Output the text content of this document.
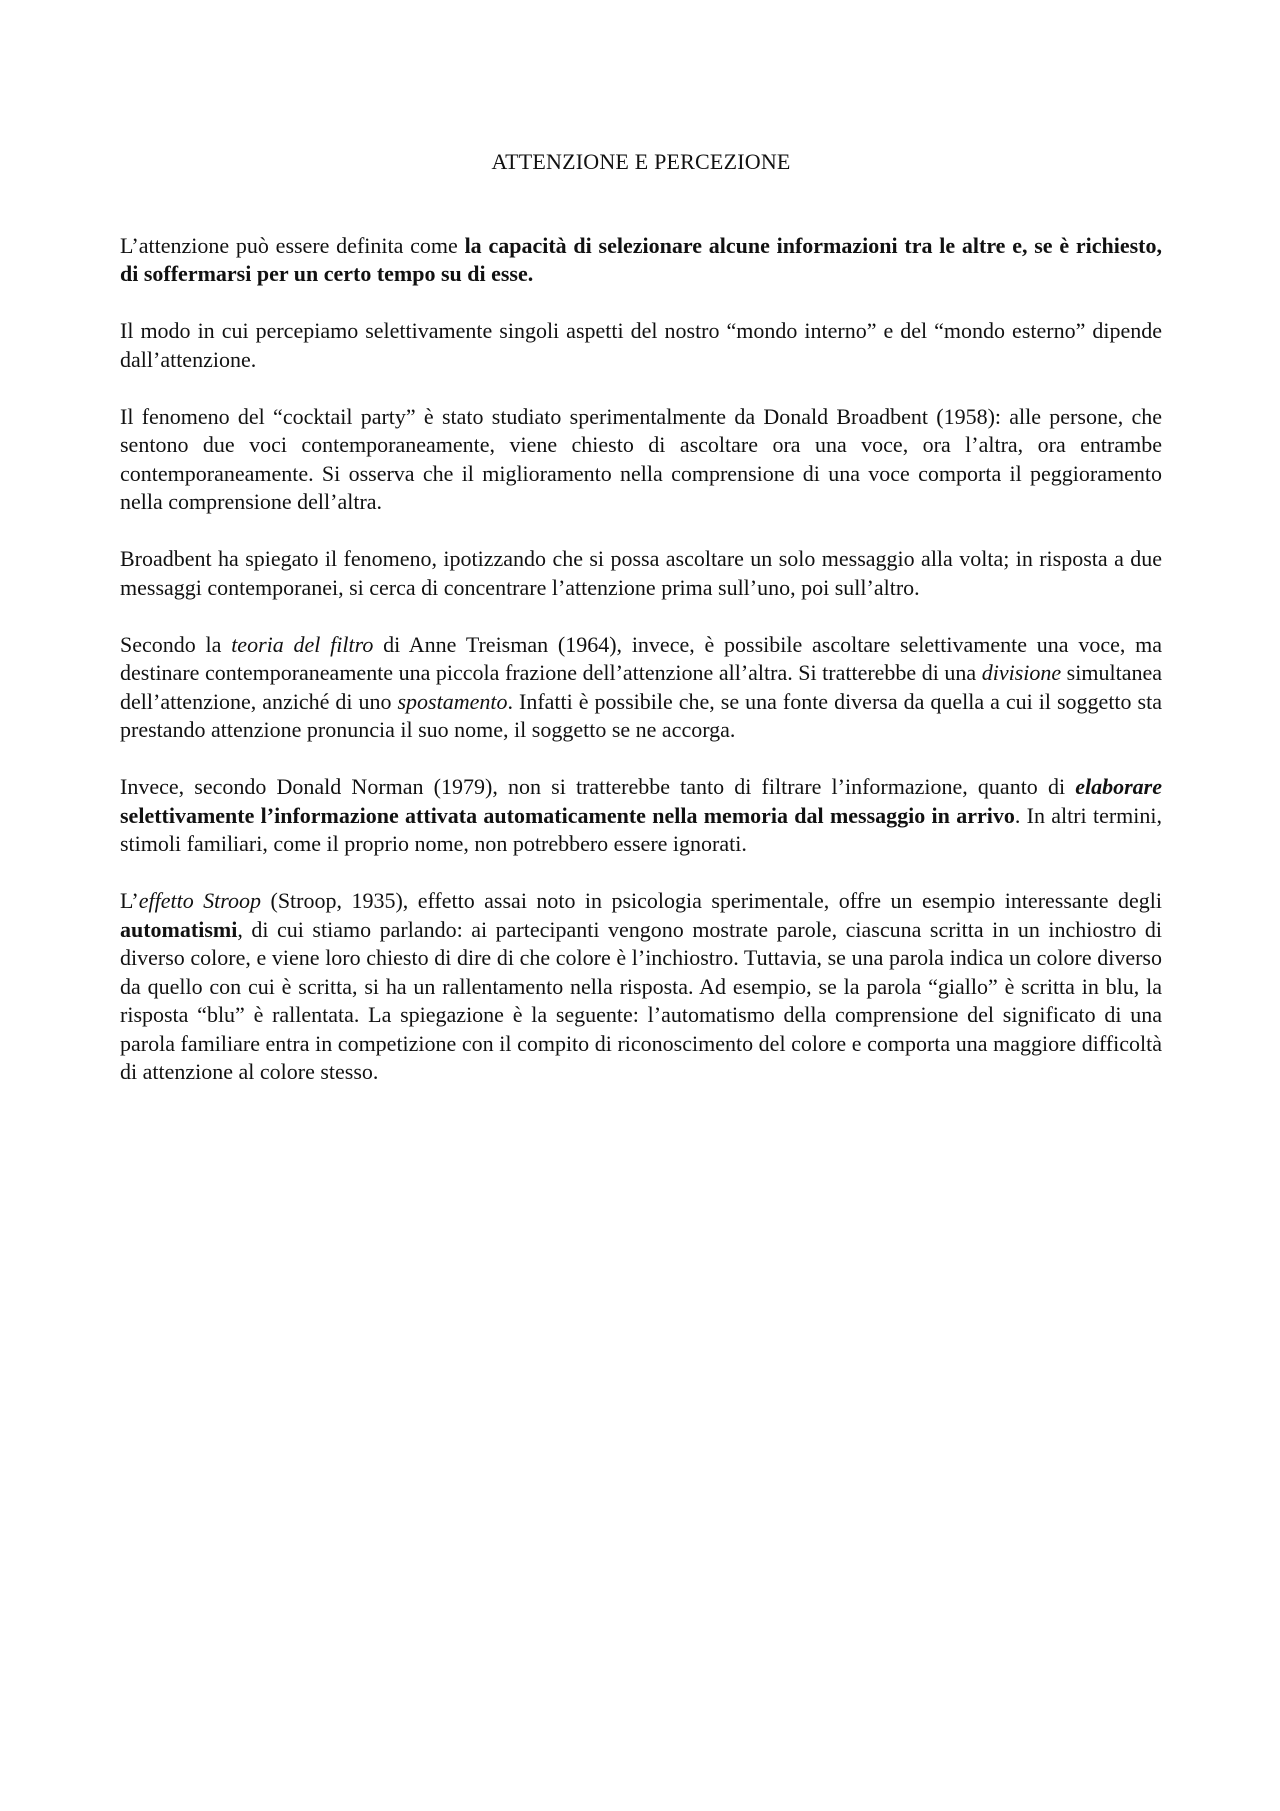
ATTENZIONE E PERCEZIONE

L’attenzione può essere definita come la capacità di selezionare alcune informazioni tra le altre e, se è richiesto, di soffermarsi per un certo tempo su di esse.

Il modo in cui percepiamo selettivamente singoli aspetti del nostro “mondo interno” e del “mondo esterno” dipende dall’attenzione.

Il fenomeno del “cocktail party” è stato studiato sperimentalmente da Donald Broadbent (1958): alle persone, che sentono due voci contemporaneamente, viene chiesto di ascoltare ora una voce, ora l’altra, ora entrambe contemporaneamente. Si osserva che il miglioramento nella comprensione di una voce comporta il peggioramento nella comprensione dell’altra.

Broadbent ha spiegato il fenomeno, ipotizzando che si possa ascoltare un solo messaggio alla volta; in risposta a due messaggi contemporanei, si cerca di concentrare l’attenzione prima sull’uno, poi sull’altro.

Secondo la teoria del filtro di Anne Treisman (1964), invece, è possibile ascoltare selettivamente una voce, ma destinare contemporaneamente una piccola frazione dell’attenzione all’altra. Si tratterebbe di una divisione simultanea dell’attenzione, anziché di uno spostamento. Infatti è possibile che, se una fonte diversa da quella a cui il soggetto sta prestando attenzione pronuncia il suo nome, il soggetto se ne accorga.

Invece, secondo Donald Norman (1979), non si tratterebbe tanto di filtrare l’informazione, quanto di elaborare selettivamente l’informazione attivata automaticamente nella memoria dal messaggio in arrivo. In altri termini, stimoli familiari, come il proprio nome, non potrebbero essere ignorati.

L’effetto Stroop (Stroop, 1935), effetto assai noto in psicologia sperimentale, offre un esempio interessante degli automatismi, di cui stiamo parlando: ai partecipanti vengono mostrate parole, ciascuna scritta in un inchiostro di diverso colore, e viene loro chiesto di dire di che colore è l’inchiostro. Tuttavia, se una parola indica un colore diverso da quello con cui è scritta, si ha un rallentamento nella risposta. Ad esempio, se la parola “giallo” è scritta in blu, la risposta “blu” è rallentata. La spiegazione è la seguente: l’automatismo della comprensione del significato di una parola familiare entra in competizione con il compito di riconoscimento del colore e comporta una maggiore difficoltà di attenzione al colore stesso.
